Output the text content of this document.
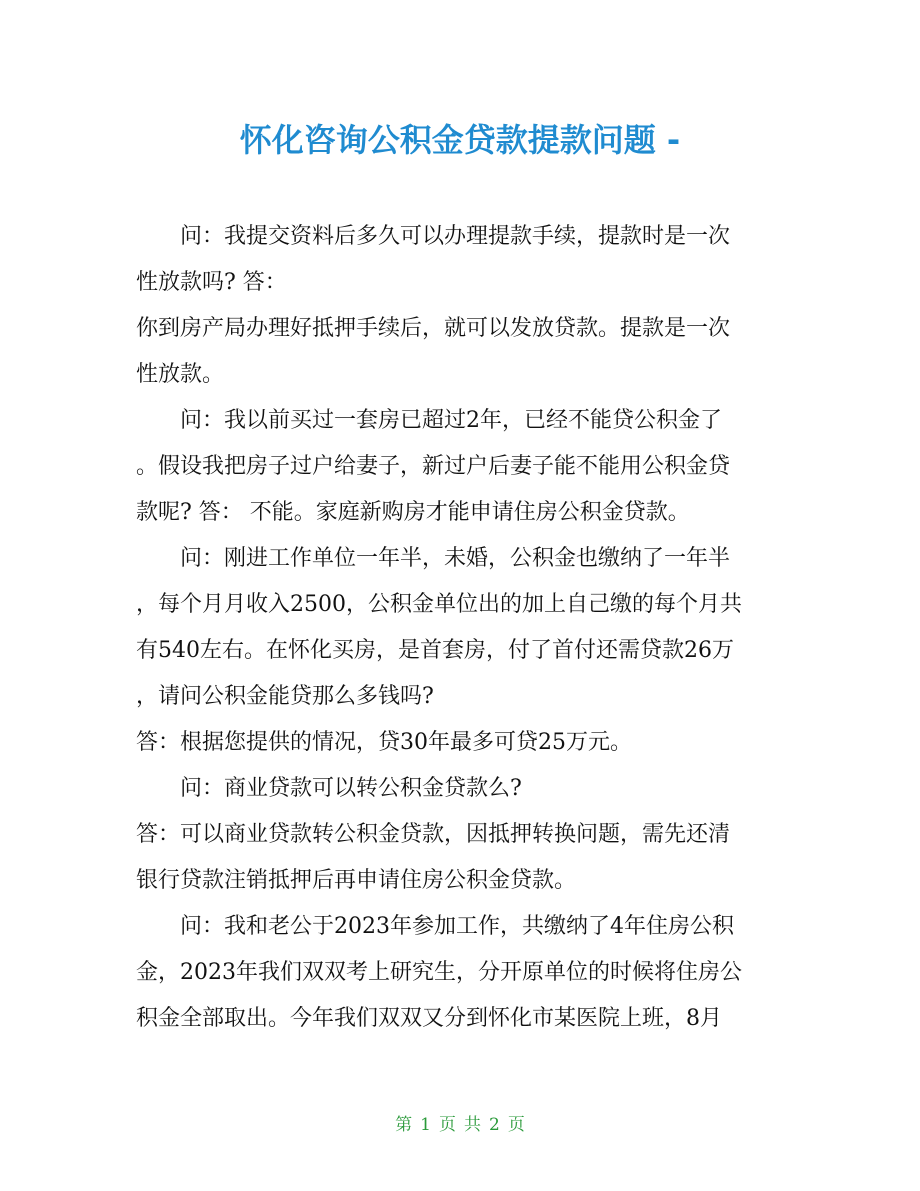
怀化咨询公积金贷款提款问题 -
问：我提交资料后多久可以办理提款手续，提款时是一次
性放款吗? 答：
你到房产局办理好抵押手续后，就可以发放贷款。提款是一次
性放款。
问：我以前买过一套房已超过2年，已经不能贷公积金了
。假设我把房子过户给妻子，新过户后妻子能不能用公积金贷
款呢? 答： 不能。家庭新购房才能申请住房公积金贷款。
问：刚进工作单位一年半，未婚，公积金也缴纳了一年半
，每个月月收入2500，公积金单位出的加上自己缴的每个月共
有540左右。在怀化买房，是首套房，付了首付还需贷款26万
，请问公积金能贷那么多钱吗?
答：根据您提供的情况，贷30年最多可贷25万元。
问：商业贷款可以转公积金贷款么?
答：可以商业贷款转公积金贷款，因抵押转换问题，需先还清
银行贷款注销抵押后再申请住房公积金贷款。
问：我和老公于2023年参加工作，共缴纳了4年住房公积
金，2023年我们双双考上研究生，分开原单位的时候将住房公
积金全部取出。今年我们双双又分到怀化市某医院上班，8月
第 1 页 共 2 页
